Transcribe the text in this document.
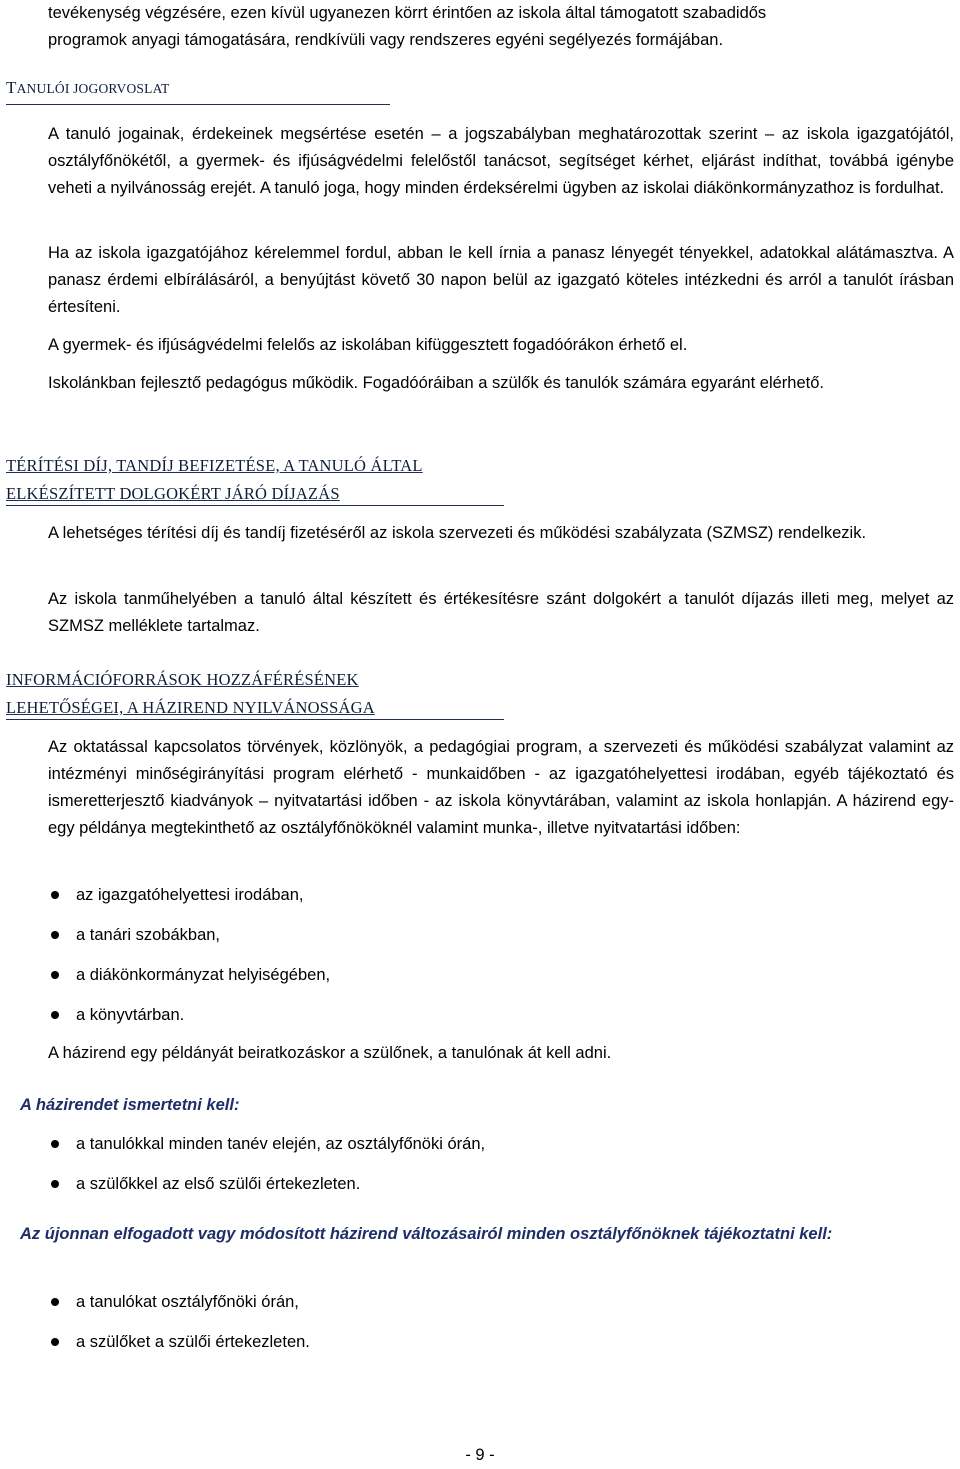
tevékenység végzésére, ezen kívül ugyanezen körrt érintően az iskola által támogatott szabadidős
programok anyagi támogatására, rendkívüli vagy rendszeres egyéni segélyezés formájában.

TANULÓI JOGORVOSLAT

A tanuló jogainak, érdekeinek megsértése esetén – a jogszabályban meghatározottak szerint – az iskola igazgatójától, osztályfőnökétől, a gyermek- és ifjúságvédelmi felelőstől tanácsot, segítséget kérhet, eljárást indíthat, továbbá igénybe veheti a nyilvánosság erejét. A tanuló joga, hogy minden érdeksérelmi ügyben az iskolai diákönkormányzathoz is fordulhat.

Ha az iskola igazgatójához kérelemmel fordul, abban le kell írnia a panasz lényegét tényekkel, adatokkal alátámasztva. A panasz érdemi elbírálásáról, a benyújtást követő 30 napon belül az igazgató köteles intézkedni és arról a tanulót írásban értesíteni.

A gyermek- és ifjúságvédelmi felelős az iskolában kifüggesztett fogadóórákon érhető el.

Iskolánkban fejlesztő pedagógus működik. Fogadóóráiban a szülők és tanulók számára egyaránt elérhető.

TÉRÍTÉSI DÍJ, TANDÍJ BEFIZETÉSE, A TANULÓ ÁLTAL
ELKÉSZÍTETT DOLGOKÉRT JÁRÓ DÍJAZÁS

A lehetséges térítési díj és tandíj fizetéséről az iskola szervezeti és működési szabályzata (SZMSZ) rendelkezik.

Az iskola tanműhelyében a tanuló által készített és értékesítésre szánt dolgokért a tanulót díjazás illeti meg, melyet az SZMSZ melléklete tartalmaz.

INFORMÁCIÓFORRÁSOK HOZZÁFÉRÉSÉNEK
LEHETŐSÉGEI, A HÁZIREND NYILVÁNOSSÁGA

Az oktatással kapcsolatos törvények, közlönyök, a pedagógiai program, a szervezeti és működési szabályzat valamint az intézményi minőségirányítási program elérhető - munkaidőben - az igazgatóhelyettesi irodában, egyéb tájékoztató és ismeretterjesztő kiadványok – nyitvatartási időben - az iskola könyvtárában, valamint az iskola honlapján. A házirend egy-egy példánya megtekinthető az osztályfőnököknél valamint munka-, illetve nyitvatartási időben:

az igazgatóhelyettesi irodában,
a tanári szobákban,
a diákönkormányzat helyiségében,
a könyvtárban.

A házirend egy példányát beiratkozáskor a szülőnek, a tanulónak át kell adni.

A házirendet ismertetni kell:

a tanulókkal minden tanév elején, az osztályfőnöki órán,
a szülőkkel az első szülői értekezleten.

Az újonnan elfogadott vagy módosított házirend változásairól minden osztályfőnöknek tájékoztatni kell:

a tanulókat osztályfőnöki órán,
a szülőket a szülői értekezleten.
- 9 -
